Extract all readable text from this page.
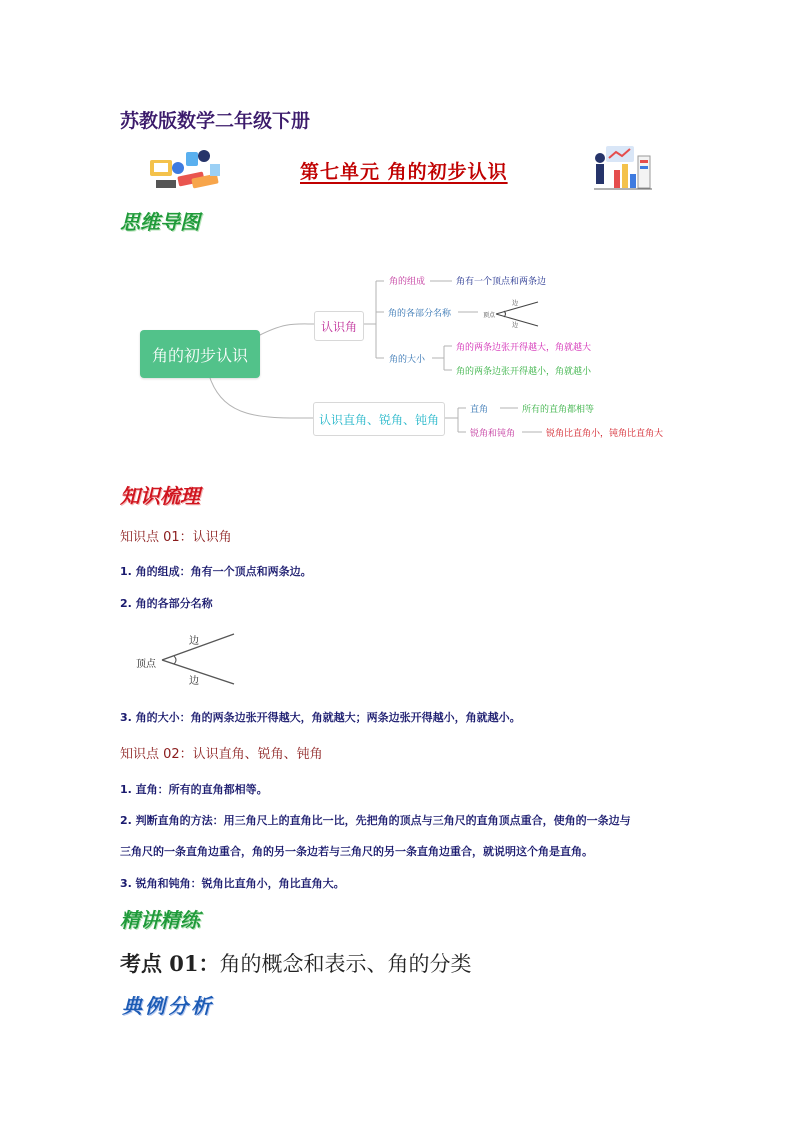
苏教版数学二年级下册
第七单元 角的初步认识
思维导图
角的初步认识
认识角
认识直角、锐角、钝角
角的组成	角有一个顶点和两条边
角的各部分名称	顶点
边
边
角的大小
角的两条边张开得越大，角就越大
角的两条边张开得越小，角就越小
直角	所有的直角都相等
锐角和钝角	锐角比直角小，钝角比直角大
知识梳理
知识点 01：认识角
1. 角的组成：角有一个顶点和两条边。
2. 角的各部分名称
顶点
边
边
3. 角的大小：角的两条边张开得越大，角就越大；两条边张开得越小，角就越小。
知识点 02：认识直角、锐角、钝角
1. 直角：所有的直角都相等。
2. 判断直角的方法：用三角尺上的直角比一比，先把角的顶点与三角尺的直角顶点重合，使角的一条边与
三角尺的一条直角边重合，角的另一条边若与三角尺的另一条直角边重合，就说明这个角是直角。
3. 锐角和钝角：锐角比直角小，角比直角大。
精讲精练
考点 01：角的概念和表示、角的分类
典例分析
